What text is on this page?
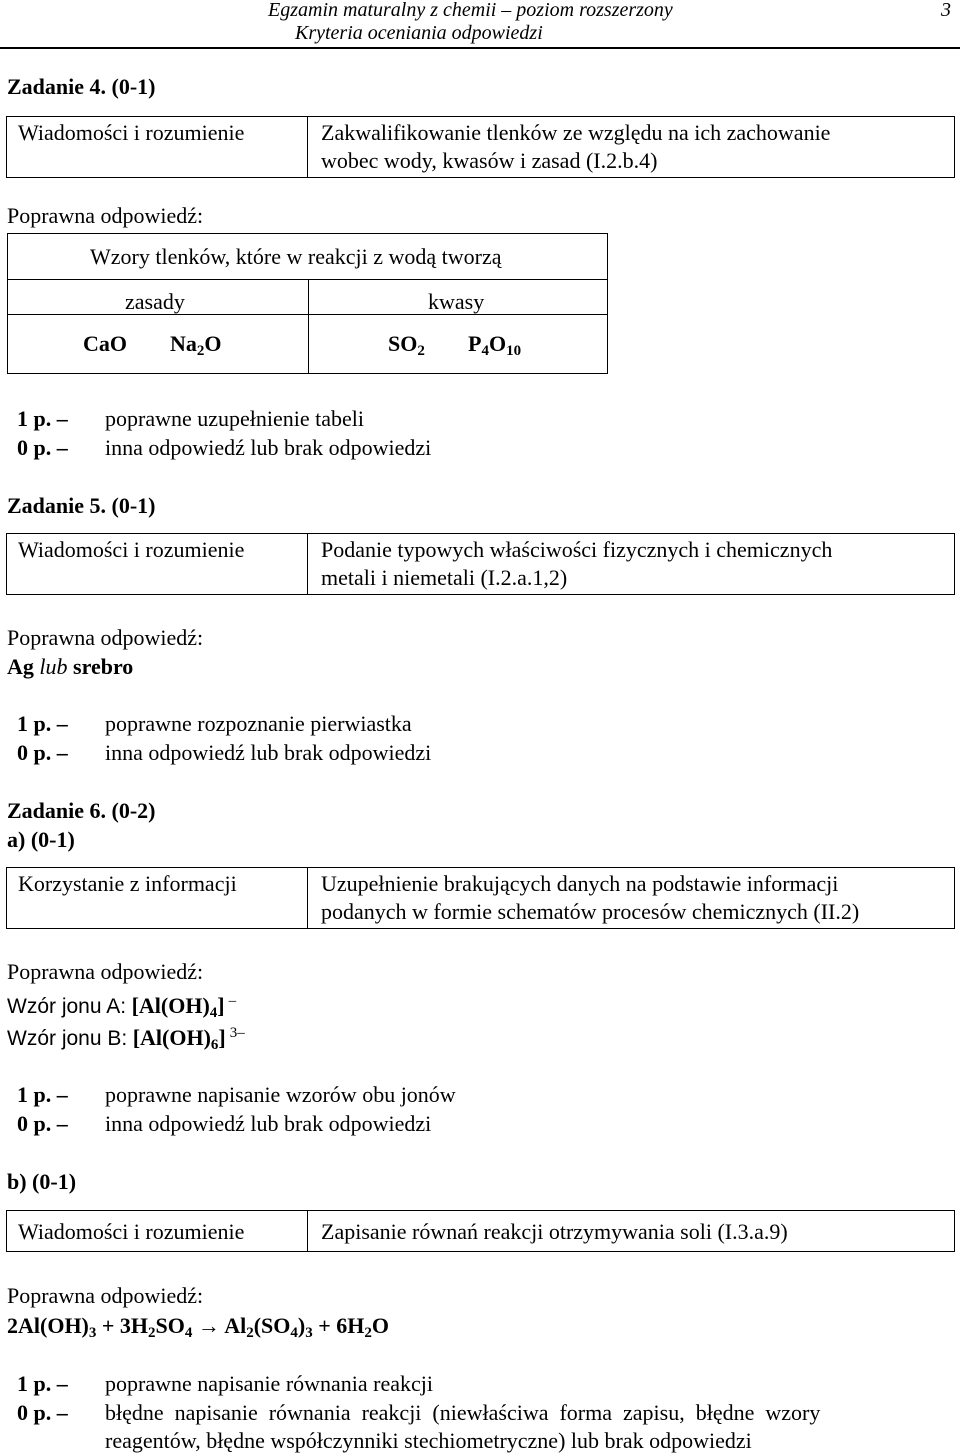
Egzamin maturalny z chemii – poziom rozszerzony
Kryteria oceniania odpowiedzi
3
Zadanie 4. (0-1)
Wiadomości i rozumienie	Zakwalifikowanie tlenków ze względu na ich zachowanie
wobec wody, kwasów i zasad (I.2.b.4)
Poprawna odpowiedź:
Wzory tlenków, które w reakcji z wodą tworzą
zasady	kwasy
CaO $Na_2O$	$SO_2$ $P_4O_{10}$
1 p. – poprawne uzupełnienie tabeli
0 p. – inna odpowiedź lub brak odpowiedzi
Zadanie 5. (0-1)
Wiadomości i rozumienie	Podanie typowych właściwości fizycznych i chemicznych
metali i niemetali (I.2.a.1,2)
Poprawna odpowiedź:
Ag lub srebro
1 p. – poprawne rozpoznanie pierwiastka
0 p. – inna odpowiedź lub brak odpowiedzi
Zadanie 6. (0-2)
a) (0-1)
Korzystanie z informacji	Uzupełnienie brakujących danych na podstawie informacji
podanych w formie schematów procesów chemicznych (II.2)
Poprawna odpowiedź:
Wzór jonu A: $[Al(OH)_4]$ –
Wzór jonu B: $[Al(OH)_6]$ $^{3-}$
1 p. – poprawne napisanie wzorów obu jonów
0 p. – inna odpowiedź lub brak odpowiedzi
b) (0-1)
Wiadomości i rozumienie	Zapisanie równań reakcji otrzymywania soli (I.3.a.9)
Poprawna odpowiedź:
$2Al(OH)_3 + 3H_2SO_4 \to Al_2(SO_4)_3 + 6H_2O$
1 p. – poprawne napisanie równania reakcji
0 p. – błędne  napisanie  równania  reakcji  (niewłaściwa  forma  zapisu,  błędne  wzory
reagentów, błędne współczynniki stechiometryczne) lub brak odpowiedzi
